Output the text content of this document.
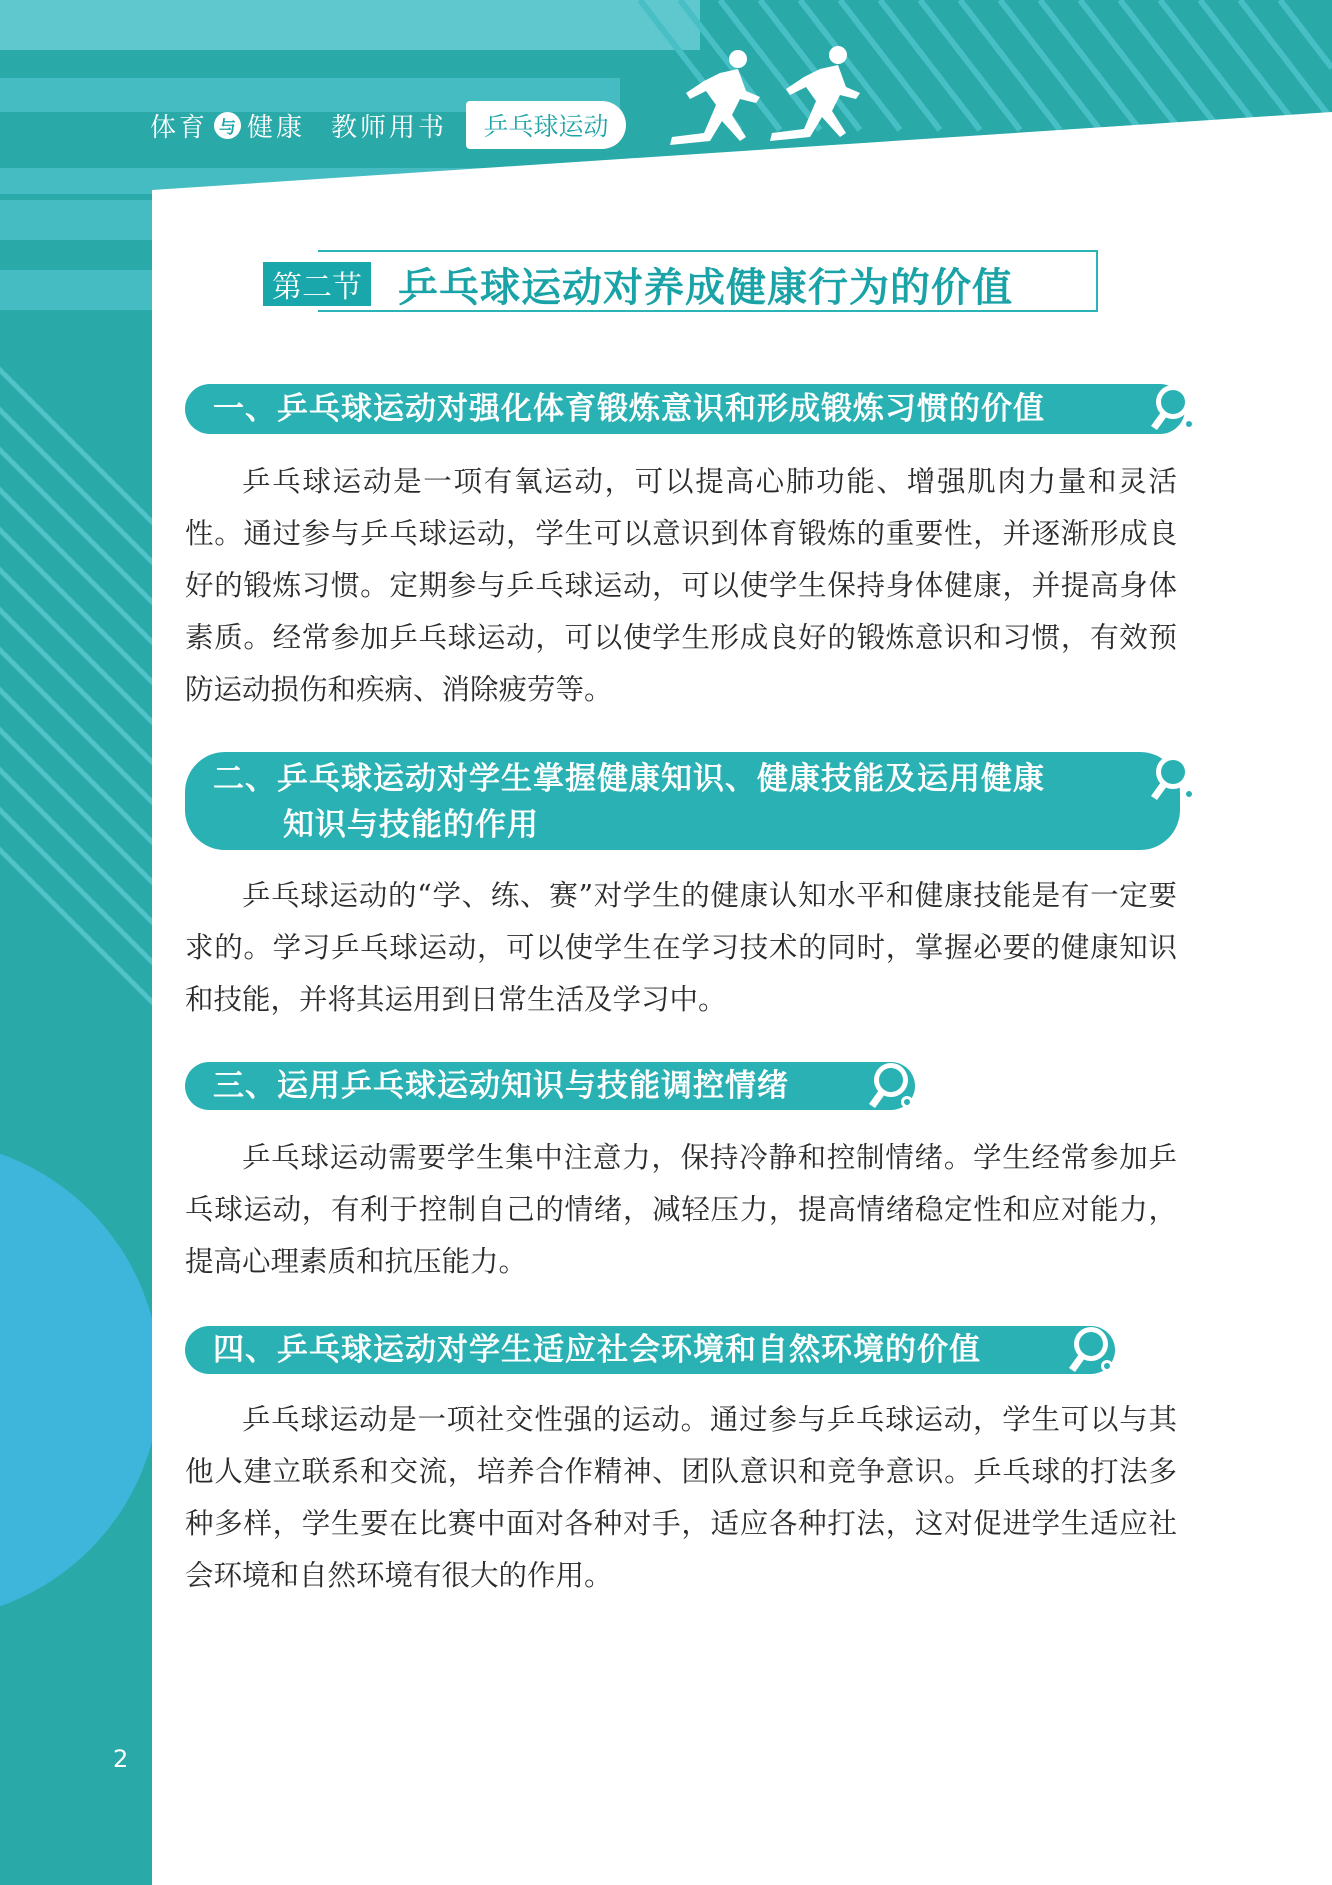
体育 与 健康 教师用书	乒乓球运动
第二节 乒乓球运动对养成健康行为的价值
一、乒乓球运动对强化体育锻炼意识和形成锻炼习惯的价值
乒乓球运动是一项有氧运动，可以提高心肺功能、增强肌肉力量和灵活性。通过参与乒乓球运动，学生可以意识到体育锻炼的重要性，并逐渐形成良好的锻炼习惯。定期参与乒乓球运动，可以使学生保持身体健康，并提高身体素质。经常参加乒乓球运动，可以使学生形成良好的锻炼意识和习惯，有效预防运动损伤和疾病、消除疲劳等。
二、乒乓球运动对学生掌握健康知识、健康技能及运用健康
知识与技能的作用
乒乓球运动的“学、练、赛”对学生的健康认知水平和健康技能是有一定要求的。学习乒乓球运动，可以使学生在学习技术的同时，掌握必要的健康知识和技能，并将其运用到日常生活及学习中。
三、运用乒乓球运动知识与技能调控情绪
乒乓球运动需要学生集中注意力，保持冷静和控制情绪。学生经常参加乒乓球运动，有利于控制自己的情绪，减轻压力，提高情绪稳定性和应对能力，提高心理素质和抗压能力。
四、乒乓球运动对学生适应社会环境和自然环境的价值
乒乓球运动是一项社交性强的运动。通过参与乒乓球运动，学生可以与其他人建立联系和交流，培养合作精神、团队意识和竞争意识。乒乓球的打法多种多样，学生要在比赛中面对各种对手，适应各种打法，这对促进学生适应社会环境和自然环境有很大的作用。
2
